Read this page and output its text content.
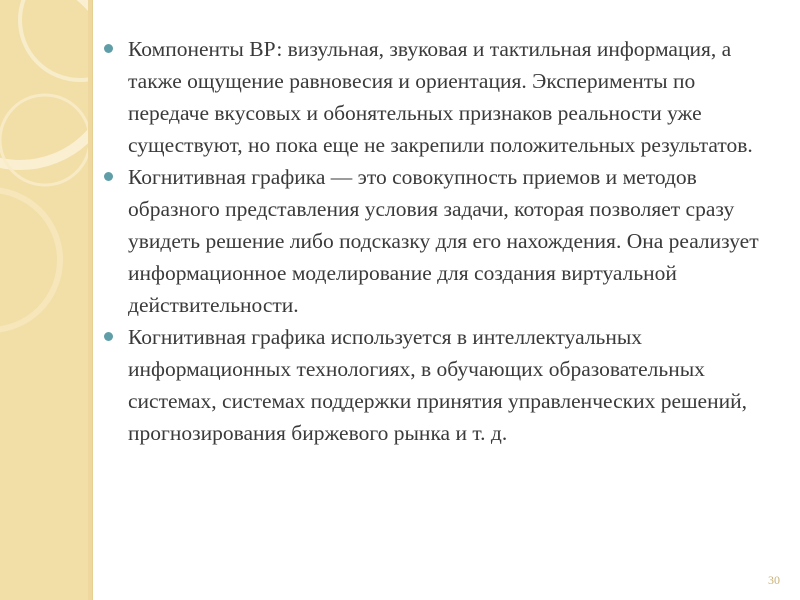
Компоненты ВР: визульная, звуковая и тактильная информация, а также ощущение равновесия и ориентация. Эксперименты по передаче вкусовых и обонятельных признаков реальности уже существуют, но пока еще не закрепили положительных результатов.

Когнитивная графика — это совокупность приемов и методов образного представления условия задачи, которая позволяет сразу увидеть решение либо подсказку для его нахождения. Она реализует информационное моделирование для создания виртуальной действительности.

Когнитивная графика используется в интеллектуальных информационных технологиях, в обучающих образовательных системах, системах поддержки принятия управленческих решений, прогнозирования биржевого рынка и т. д.

30
